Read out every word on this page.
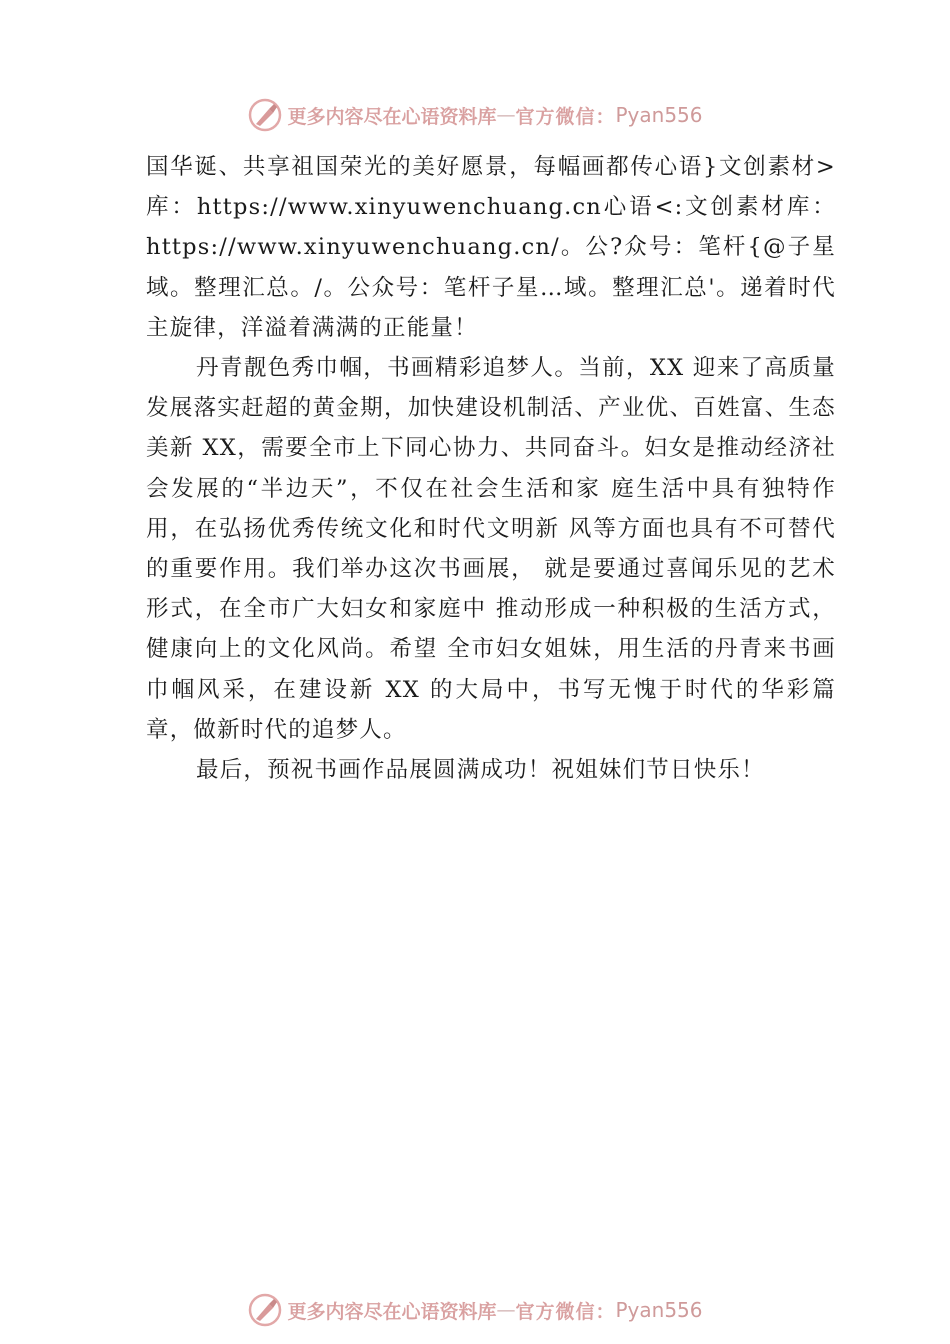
更多内容尽在心语资料库 — 官方微信： Pyan556

国华诞、共享祖国荣光的美好愿景，每幅画都传心语}文创素材>库：https://www.xinyuwenchuang.cn心语<:文创素材库：https://www.xinyuwenchuang.cn/。公?众号：笔杆{@子星域。整理汇总。/。公众号：笔杆子星…域。整理汇总'。递着时代主旋律，洋溢着满满的正能量！

丹青靓色秀巾帼，书画精彩追梦人。当前，XX 迎来了高质量发展落实赶超的黄金期，加快建设机制活、产业优、百姓富、生态美新 XX，需要全市上下同心协力、共同奋斗。妇女是推动经济社会发展的“半边天”，不仅在社会生活和家 庭生活中具有独特作用，在弘扬优秀传统文化和时代文明新 风等方面也具有不可替代的重要作用。我们举办这次书画展， 就是要通过喜闻乐见的艺术形式，在全市广大妇女和家庭中 推动形成一种积极的生活方式，健康向上的文化风尚。希望 全市妇女姐妹，用生活的丹青来书画巾帼风采，在建设新 XX 的大局中，书写无愧于时代的华彩篇章，做新时代的追梦人。

最后，预祝书画作品展圆满成功！祝姐妹们节日快乐！

更多内容尽在心语资料库 — 官方微信： Pyan556
